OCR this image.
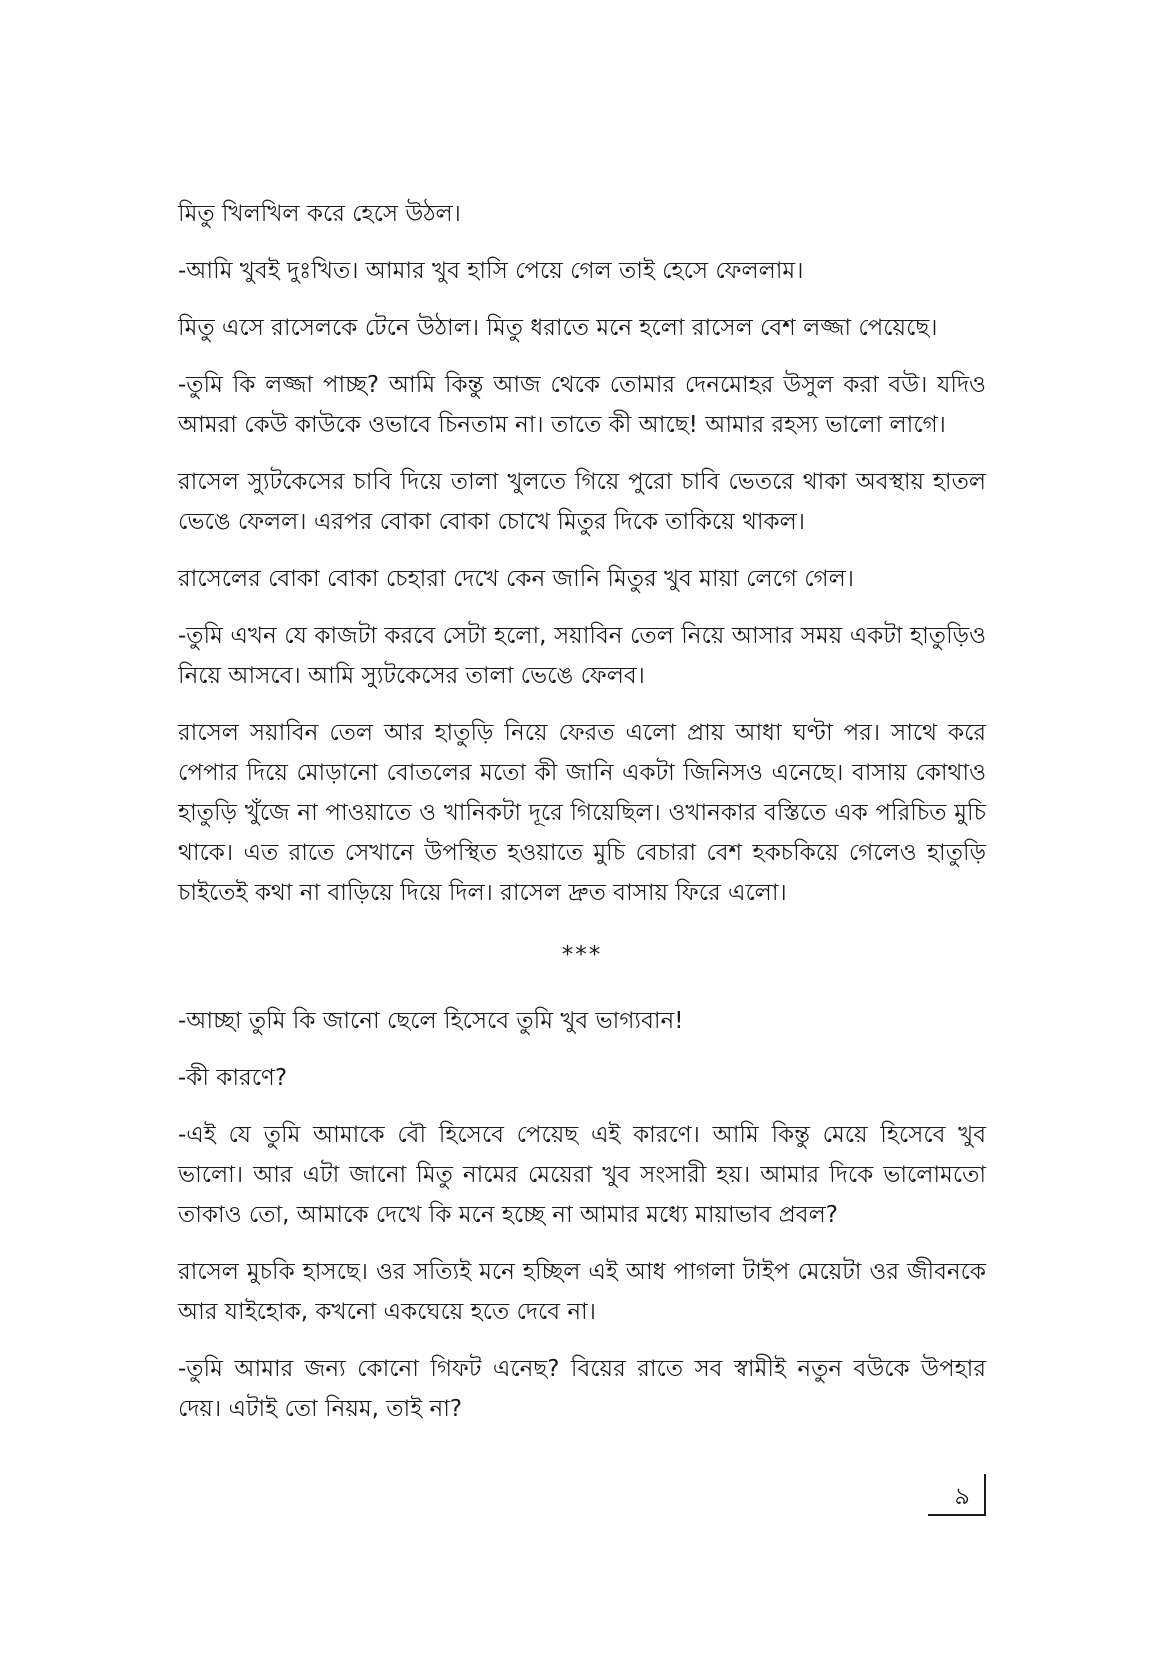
মিতু খিলখিল করে হেসে উঠল।

-আমি খুবই দুঃখিত। আমার খুব হাসি পেয়ে গেল তাই হেসে ফেললাম।

মিতু এসে রাসেলকে টেনে উঠাল। মিতু ধরাতে মনে হলো রাসেল বেশ লজ্জা পেয়েছে।

-তুমি কি লজ্জা পাচ্ছ? আমি কিন্তু আজ থেকে তোমার দেনমোহর উসুল করা বউ। যদিও আমরা কেউ কাউকে ওভাবে চিনতাম না। তাতে কী আছে! আমার রহস্য ভালো লাগে।

রাসেল স্যুটকেসের চাবি দিয়ে তালা খুলতে গিয়ে পুরো চাবি ভেতরে থাকা অবস্থায় হাতল ভেঙে ফেলল। এরপর বোকা বোকা চোখে মিতুর দিকে তাকিয়ে থাকল।

রাসেলের বোকা বোকা চেহারা দেখে কেন জানি মিতুর খুব মায়া লেগে গেল।

-তুমি এখন যে কাজটা করবে সেটা হলো, সয়াবিন তেল নিয়ে আসার সময় একটা হাতুড়িও নিয়ে আসবে। আমি স্যুটকেসের তালা ভেঙে ফেলব।

রাসেল সয়াবিন তেল আর হাতুড়ি নিয়ে ফেরত এলো প্রায় আধা ঘণ্টা পর। সাথে করে পেপার দিয়ে মোড়ানো বোতলের মতো কী জানি একটা জিনিসও এনেছে। বাসায় কোথাও হাতুড়ি খুঁজে না পাওয়াতে ও খানিকটা দূরে গিয়েছিল। ওখানকার বস্তিতে এক পরিচিত মুচি থাকে। এত রাতে সেখানে উপস্থিত হওয়াতে মুচি বেচারা বেশ হকচকিয়ে গেলেও হাতুড়ি চাইতেই কথা না বাড়িয়ে দিয়ে দিল। রাসেল দ্রুত বাসায় ফিরে এলো।

***

-আচ্ছা তুমি কি জানো ছেলে হিসেবে তুমি খুব ভাগ্যবান!

-কী কারণে?

-এই যে তুমি আমাকে বৌ হিসেবে পেয়েছ এই কারণে। আমি কিন্তু মেয়ে হিসেবে খুব ভালো। আর এটা জানো মিতু নামের মেয়েরা খুব সংসারী হয়। আমার দিকে ভালোমতো তাকাও তো, আমাকে দেখে কি মনে হচ্ছে না আমার মধ্যে মায়াভাব প্রবল?

রাসেল মুচকি হাসছে। ওর সত্যিই মনে হচ্ছিল এই আধ পাগলা টাইপ মেয়েটা ওর জীবনকে আর যাইহোক, কখনো একঘেয়ে হতে দেবে না।

-তুমি আমার জন্য কোনো গিফট এনেছ? বিয়ের রাতে সব স্বামীই নতুন বউকে উপহার দেয়। এটাই তো নিয়ম, তাই না?

৯
